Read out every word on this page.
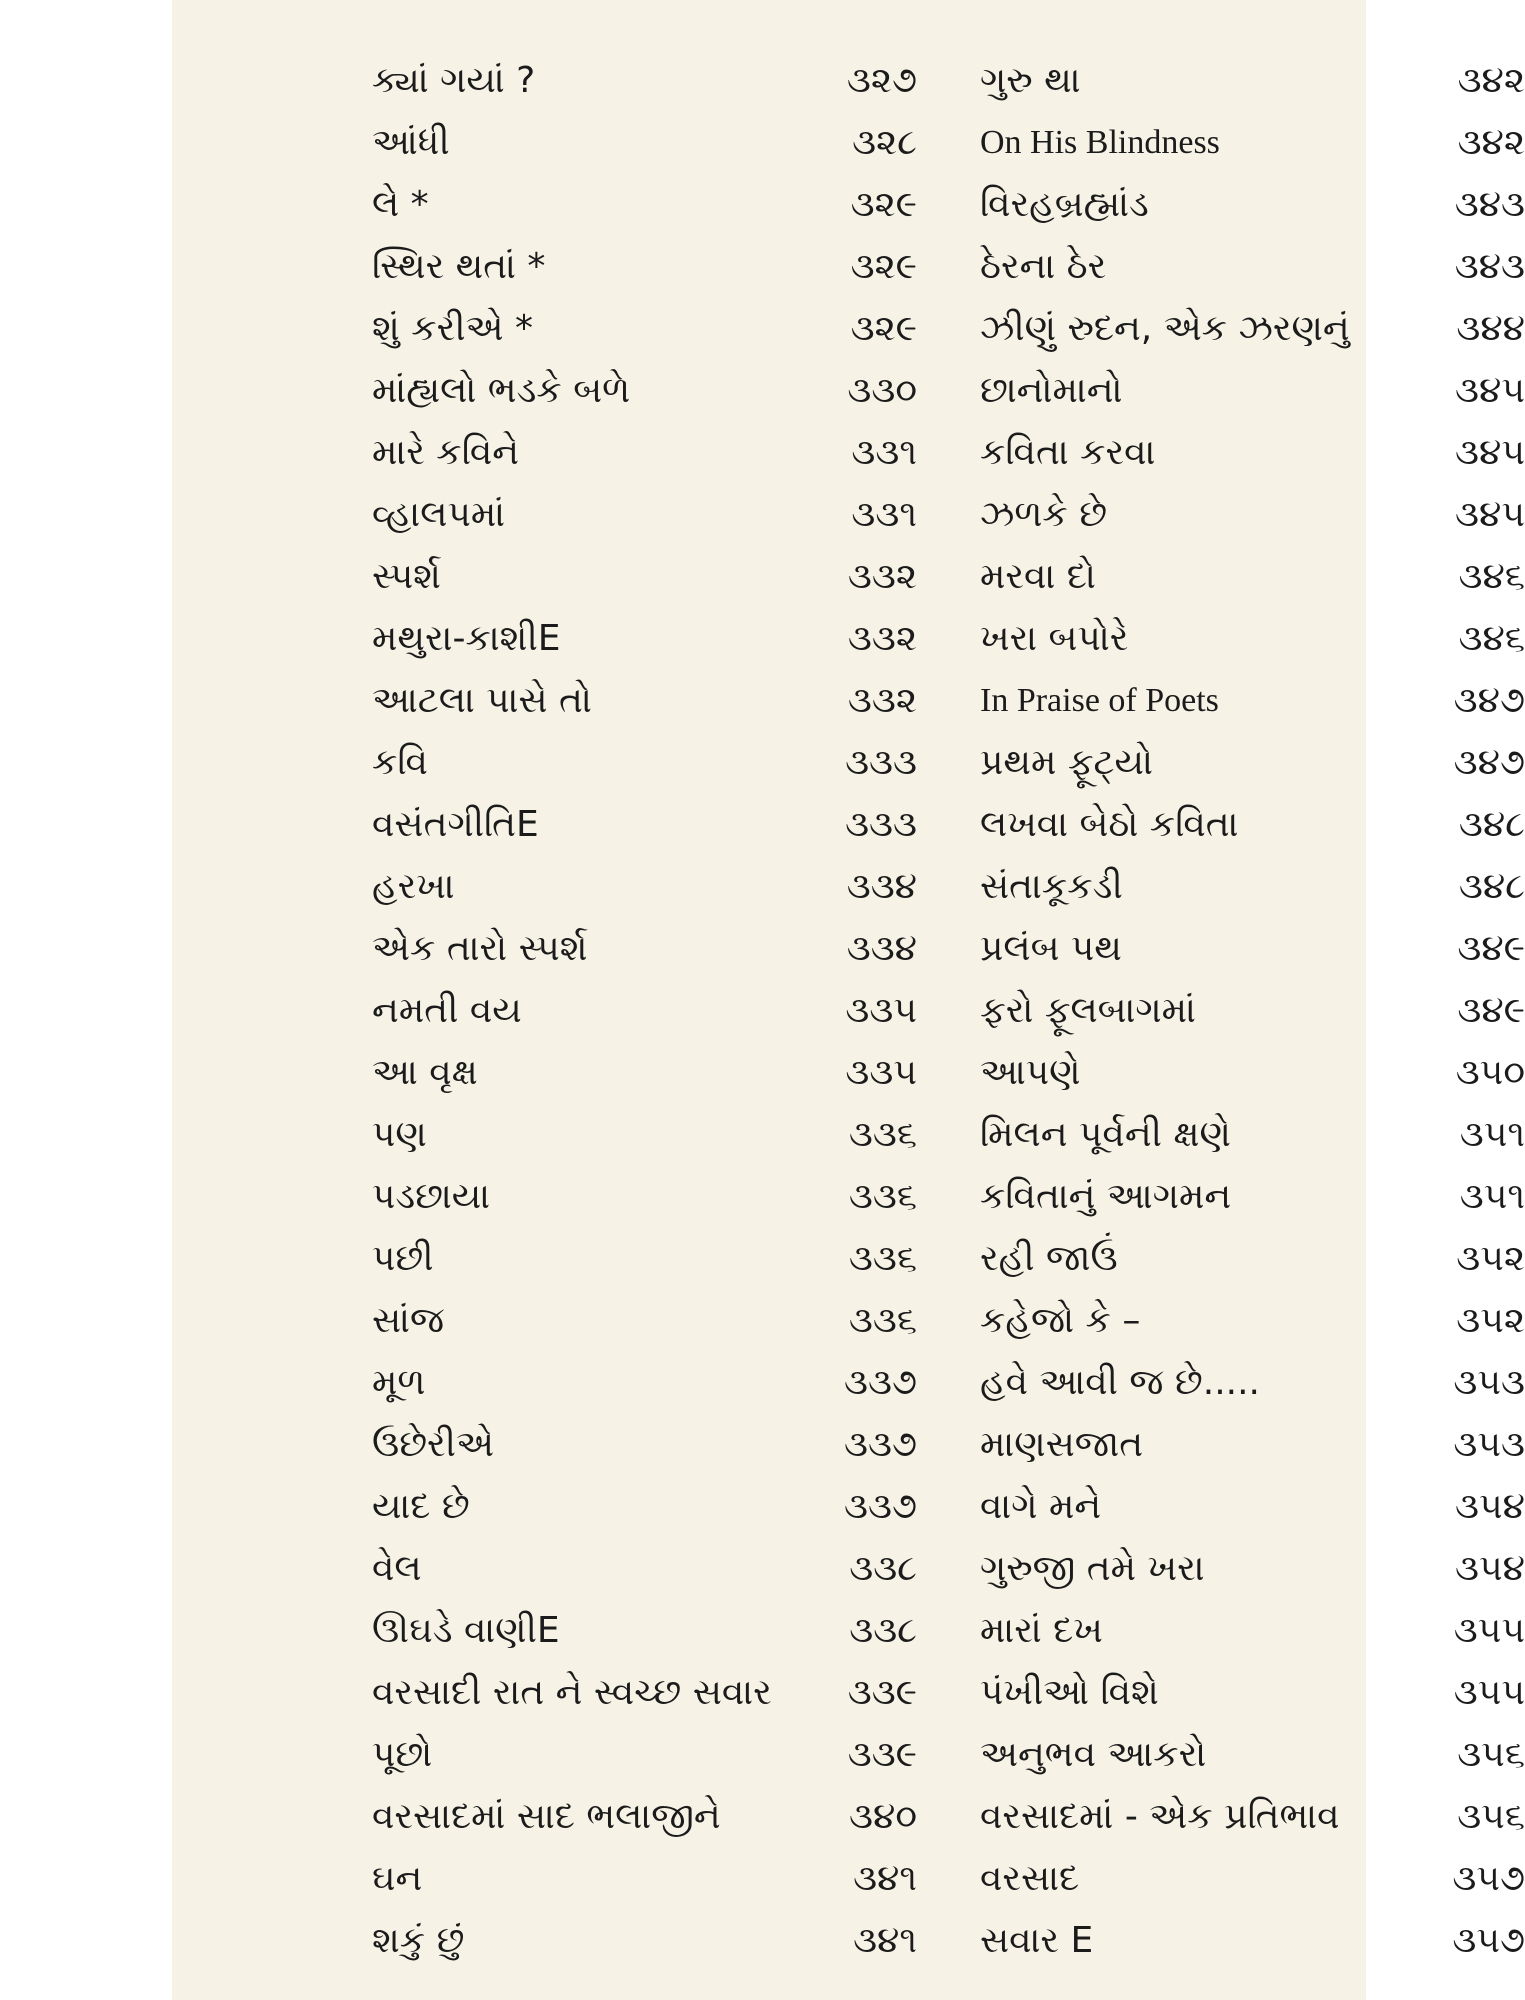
ક્યાં ગયાં ?	૩૨૭
આંધી	૩૨૮
લે *	૩૨૯
સ્થિર થતાં *	૩૨૯
શું કરીએ *	૩૨૯
માંહ્યલો ભડકે બળે	૩૩૦
મારે કવિને	૩૩૧
વ્હાલપમાં	૩૩૧
સ્પર્શ	૩૩૨
મથુરા-કાશીE	૩૩૨
આટલા પાસે તો	૩૩૨
કવિ	૩૩૩
વસંતગીતિE	૩૩૩
હરખા	૩૩૪
એક તારો સ્પર્શ	૩૩૪
નમતી વય	૩૩૫
આ વૃક્ષ	૩૩૫
પણ	૩૩૬
પડછાયા	૩૩૬
પછી	૩૩૬
સાંજ	૩૩૬
મૂળ	૩૩૭
ઉછેરીએ	૩૩૭
યાદ છે	૩૩૭
વેલ	૩૩૮
ઊઘડે વાણીE	૩૩૮
વરસાદી રાત ને સ્વચ્છ સવાર ૩૩૯
પૂછો	૩૩૯
વરસાદમાં સાદ ભલાજીને	૩૪૦
ઘન	૩૪૧
શકું છું	૩૪૧
ગુરુ થા	૩૪૨
On His Blindness	૩૪૨
વિરહબ્રહ્માંડ	૩૪૩
ઠેરના ઠેર	૩૪૩
ઝીણું રુદન, એક ઝરણનું	૩૪૪
છાનોમાનો	૩૪૫
કવિતા કરવા	૩૪૫
ઝળકે છે	૩૪૫
મરવા દો	૩૪૬
ખરા બપોરે	૩૪૬
In Praise of Poets	૩૪૭
પ્રથમ ફૂટ્યો	૩૪૭
લખવા બેઠો કવિતા	૩૪૮
સંતાકૂકડી	૩૪૮
પ્રલંબ પથ	૩૪૯
ફરો ફૂલબાગમાં	૩૪૯
આપણે	૩૫૦
મિલન પૂર્વની ક્ષણે	૩૫૧
કવિતાનું આગમન	૩૫૧
રહી જાઉં	૩૫૨
કહેજો કે –	૩૫૨
હવે આવી જ છે.....	૩૫૩
માણસજાત	૩૫૩
વાગે મને	૩૫૪
ગુરુજી તમે ખરા	૩૫૪
મારાં દખ	૩૫૫
પંખીઓ વિશે	૩૫૫
અનુભવ આકરો	૩૫૬
વરસાદમાં - એક પ્રતિભાવ	૩૫૬
વરસાદ	૩૫૭
સવાર E	૩૫૭
